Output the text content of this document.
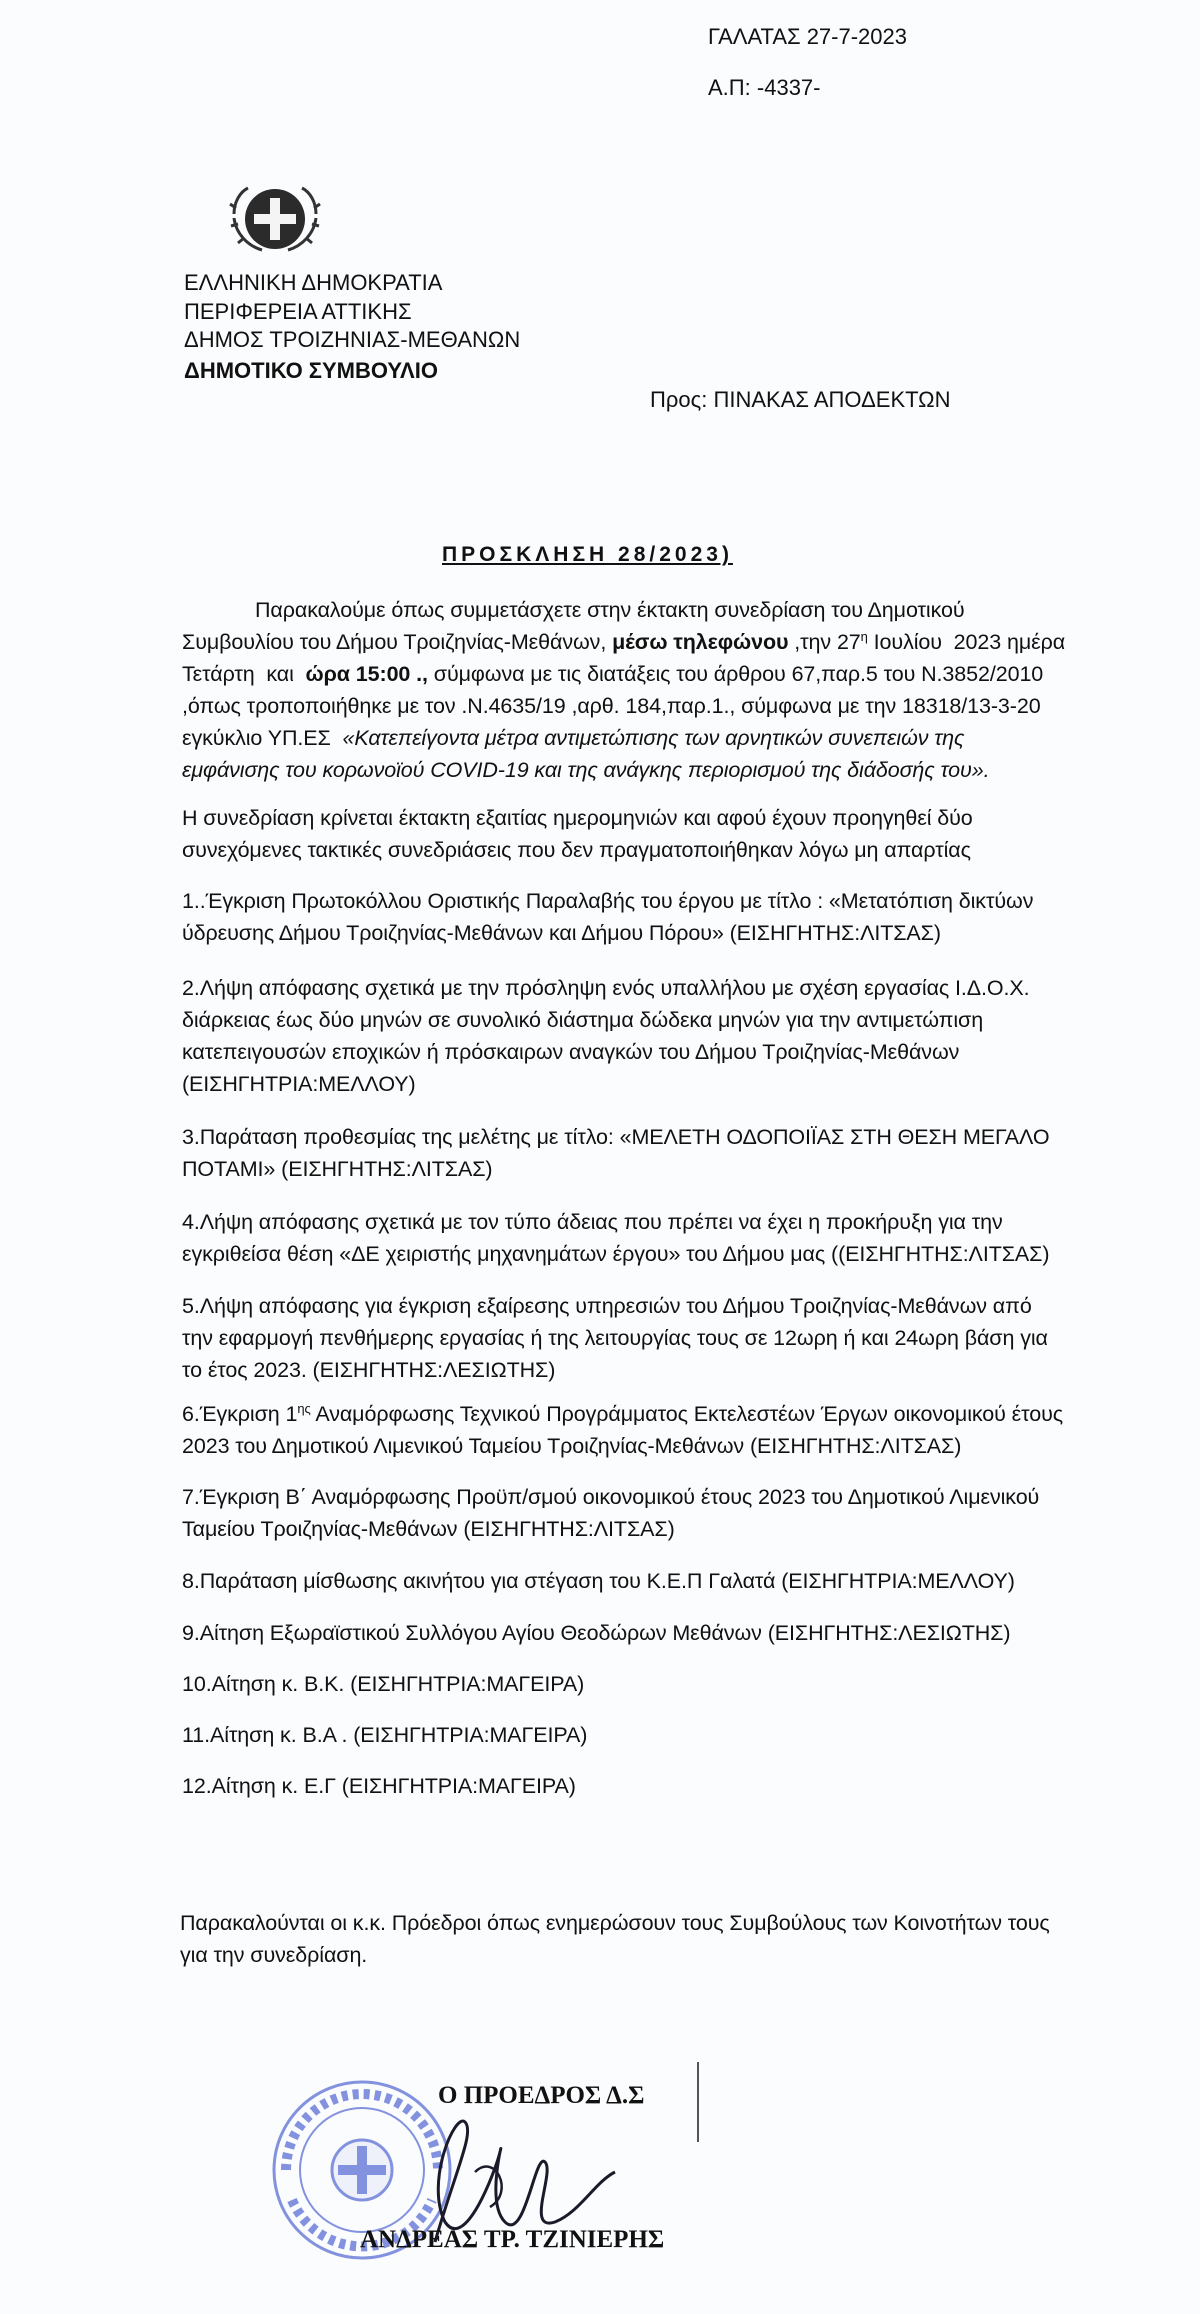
ΓΑΛΑΤΑΣ 27-7-2023
Α.Π: -4337-
ΕΛΛΗΝΙΚΗ ΔΗΜΟΚΡΑΤΙΑ
ΠΕΡΙΦΕΡΕΙΑ ΑΤΤΙΚΗΣ
ΔΗΜΟΣ ΤΡΟΙΖΗΝΙΑΣ-ΜΕΘΑΝΩΝ
ΔΗΜΟΤΙΚΟ ΣΥΜΒΟΥΛΙΟ
Προς: ΠΙΝΑΚΑΣ ΑΠΟΔΕΚΤΩΝ
ΠΡΟΣΚΛΗΣΗ 28/2023)
Παρακαλούμε όπως συμμετάσχετε στην έκτακτη συνεδρίαση του Δημοτικού
Συμβουλίου του Δήμου Τροιζηνίας-Μεθάνων, μέσω τηλεφώνου ,την $27^\eta$ Ιουλίου  2023 ημέρα
Τετάρτη  και  ώρα 15:00 ., σύμφωνα με τις διατάξεις του άρθρου 67,παρ.5 του Ν.3852/2010
,όπως τροποποιήθηκε με τον .Ν.4635/19 ,αρθ. 184,παρ.1., σύμφωνα με την 18318/13-3-20
εγκύκλιο ΥΠ.ΕΣ  «Κατεπείγοντα μέτρα αντιμετώπισης των αρνητικών συνεπειών της
εμφάνισης του κορωνοϊού COVID-19 και της ανάγκης περιορισμού της διάδοσής του».
Η συνεδρίαση κρίνεται έκτακτη εξαιτίας ημερομηνιών και αφού έχουν προηγηθεί δύο
συνεχόμενες τακτικές συνεδριάσεις που δεν πραγματοποιήθηκαν λόγω μη απαρτίας
1..Έγκριση Πρωτοκόλλου Οριστικής Παραλαβής του έργου με τίτλο : «Μετατόπιση δικτύων
ύδρευσης Δήμου Τροιζηνίας-Μεθάνων και Δήμου Πόρου» (ΕΙΣΗΓΗΤΗΣ:ΛΙΤΣΑΣ)
2.Λήψη απόφασης σχετικά με την πρόσληψη ενός υπαλλήλου με σχέση εργασίας Ι.Δ.Ο.Χ.
διάρκειας έως δύο μηνών σε συνολικό διάστημα δώδεκα μηνών για την αντιμετώπιση
κατεπειγουσών εποχικών ή πρόσκαιρων αναγκών του Δήμου Τροιζηνίας-Μεθάνων
(ΕΙΣΗΓΗΤΡΙΑ:ΜΕΛΛΟΥ)
3.Παράταση προθεσμίας της μελέτης με τίτλο: «ΜΕΛΕΤΗ ΟΔΟΠΟΙΪΑΣ ΣΤΗ ΘΕΣΗ ΜΕΓΑΛΟ
ΠΟΤΑΜΙ» (ΕΙΣΗΓΗΤΗΣ:ΛΙΤΣΑΣ)
4.Λήψη απόφασης σχετικά με τον τύπο άδειας που πρέπει να έχει η προκήρυξη για την
εγκριθείσα θέση «ΔΕ χειριστής μηχανημάτων έργου» του Δήμου μας ((ΕΙΣΗΓΗΤΗΣ:ΛΙΤΣΑΣ)
5.Λήψη απόφασης για έγκριση εξαίρεσης υπηρεσιών του Δήμου Τροιζηνίας-Μεθάνων από
την εφαρμογή πενθήμερης εργασίας ή της λειτουργίας τους σε 12ωρη ή και 24ωρη βάση για
το έτος 2023. (ΕΙΣΗΓΗΤΗΣ:ΛΕΣΙΩΤΗΣ)
6.Έγκριση $1^{\eta\varsigma}$ Αναμόρφωσης Τεχνικού Προγράμματος Εκτελεστέων Έργων οικονομικού έτους
2023 του Δημοτικού Λιμενικού Ταμείου Τροιζηνίας-Μεθάνων (ΕΙΣΗΓΗΤΗΣ:ΛΙΤΣΑΣ)
7.Έγκριση Β΄ Αναμόρφωσης Προϋπ/σμού οικονομικού έτους 2023 του Δημοτικού Λιμενικού
Ταμείου Τροιζηνίας-Μεθάνων (ΕΙΣΗΓΗΤΗΣ:ΛΙΤΣΑΣ)
8.Παράταση μίσθωσης ακινήτου για στέγαση του Κ.Ε.Π Γαλατά (ΕΙΣΗΓΗΤΡΙΑ:ΜΕΛΛΟΥ)
9.Αίτηση Εξωραϊστικού Συλλόγου Αγίου Θεοδώρων Μεθάνων (ΕΙΣΗΓΗΤΗΣ:ΛΕΣΙΩΤΗΣ)
10.Αίτηση κ. Β.Κ. (ΕΙΣΗΓΗΤΡΙΑ:ΜΑΓΕΙΡΑ)
11.Αίτηση κ. Β.Α . (ΕΙΣΗΓΗΤΡΙΑ:ΜΑΓΕΙΡΑ)
12.Αίτηση κ. Ε.Γ (ΕΙΣΗΓΗΤΡΙΑ:ΜΑΓΕΙΡΑ)
Παρακαλούνται οι κ.κ. Πρόεδροι όπως ενημερώσουν τους Συμβούλους των Κοινοτήτων τους
για την συνεδρίαση.
Ο ΠΡΟΕΔΡΟΣ Δ.Σ
ΑΝΔΡΕΑΣ ΤΡ. ΤΖΙΝΙΕΡΗΣ
